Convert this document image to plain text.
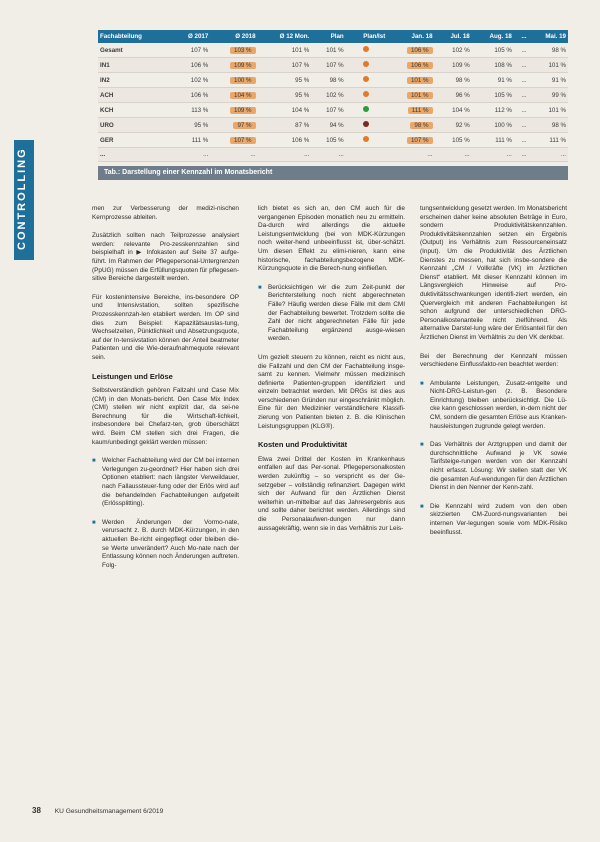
CONTROLLING
Fachabteilung	Ø 2017	Ø 2018	Ø 12 Mon.	Plan	Plan/Ist	Jan. 18	Jul. 18	Aug. 18	...	Mai. 19
Gesamt	107 %	103 %	101 %	101 %		106 %	102 %	105 %	...	98 %
IN1	106 %	109 %	107 %	107 %		106 %	109 %	108 %	...	101 %
IN2	102 %	100 %	95 %	98 %		101 %	98 %	91 %	...	91 %
ACH	106 %	104 %	95 %	102 %		101 %	96 %	105 %	...	99 %
KCH	113 %	109 %	104 %	107 %		111 %	104 %	112 %	...	101 %
URO	95 %	97 %	87 %	94 %		98 %	92 %	100 %	...	98 %
GER	111 %	107 %	106 %	105 %		107 %	105 %	111 %	...	111 %
...	...	...	...	...		...	...	...	...	...
Tab.: Darstellung einer Kennzahl im Monatsbericht

men zur Verbesserung der medizi-nischen Kernprozesse ableiten.

Zusätzlich sollten nach Teilprozesse analysiert werden: relevante Pro-zesskennzahlen sind beispielhaft in ▶ Infokasten auf Seite 37 aufge-führt. Im Rahmen der Pflegepersonal-Untergrenzen (PpUG) müssen die Erfüllungsquoten für pflegesen-sitive Bereiche dargestellt werden.

Für kostenintensive Bereiche, ins-besondere OP und Intensivstation, sollten spezifische Prozesskennzah-len etabliert werden. Im OP sind dies zum Beispiel: Kapazitätsauslas-tung, Wechselzeiten, Pünktlichkeit und Absetzungsquote, auf der In-tensivstation können der Anteil beatmeter Patienten und die Wie-deraufnahmequote relevant sein.

Leistungen und Erlöse

Selbstverständlich gehören Fallzahl und Case Mix (CM) in den Monats-bericht. Den Case Mix Index (CMI) stellen wir nicht explizit dar, da sei-ne Berechnung für die Wirtschaft-lichkeit, insbesondere bei Chefarz-ten, grob überschätzt wird. Beim CM stellen sich drei Fragen, die kaum/unbedingt geklärt werden müssen:

■ Welcher Fachabteilung wird der CM bei internen Verlegungen zu-geordnet? Hier haben sich drei Optionen etabliert: nach längster Verweildauer, nach Fallaussteuer-fung oder der Erlös wird auf die behandelnden Fachabteilungen aufgeteilt (Erlössplitting).

■ Werden Änderungen der Vormo-nate, verursacht z. B. durch MDK-Kürzungen, in den aktuellen Be-richt eingepflegt oder bleiben die-se Werte unverändert? Auch Mo-nate nach der Entlassung können noch Änderungen auftreten. Folg-

lich bietet es sich an, den CM auch für die vergangenen Episoden monatlich neu zu ermitteln. Da-durch wird allerdings die aktuelle Leistungsentwicklung (bei von MDK-Kürzungen noch weiter-hend unbeeinflusst ist, über-schätzt. Um diesen Effekt zu elimi-nieren, kann eine historische, fachabteilungsbezogene MDK-Kürzungsquote in die Berech-nung einfließen.

■ Berücksichtigen wir die zum Zeit-punkt der Berichterstellung noch nicht abgerechneten Fälle? Häufig werden diese Fälle mit dem CMI der Fachabteilung bewertet. Trotzdem sollte die Zahl der nicht abgerechneten Fälle für jede Fachabteilung ergänzend ausge-wiesen werden.

Um gezielt steuern zu können, reicht es nicht aus, die Fallzahl und den CM der Fachabteilung insge-samt zu kennen. Vielmehr müssen medizinisch definierte Patienten-gruppen identifiziert und einzeln betrachtet werden. Mit DRGs ist dies aus verschiedenen Gründen nur eingeschränkt möglich. Eine für den Medizinier verständlichere Klassifi-zierung von Patienten bieten z. B. die Klinischen Leistungsgruppen (KLG®).

Kosten und Produktivität

Etwa zwei Drittel der Kosten im Krankenhaus entfallen auf das Per-sonal. Pflegepersonalkosten werden zukünftig – so verspricht es der Ge-setzgeber – vollständig refinanziert. Dagegen wirkt sich der Aufwand für den Ärztlichen Dienst weiterhin un-mittelbar auf das Jahresergebnis aus und sollte daher berichtet werden. Allerdings sind die Personalaufwen-dungen nur dann aussagekräftig, wenn sie in das Verhältnis zur Leis-

tungsentwicklung gesetzt werden. Im Monatsbericht erscheinen daher keine absoluten Beträge in Euro, sondern Produktivitätskennzahlen. Produktivitätskennzahlen setzen ein Ergebnis (Output) ins Verhältnis zum Ressourceneinsatz (Input). Um die Produktivität des Ärztlichen Dienstes zu messen, hat sich insbe-sondere die Kennzahl „CM / Vollkräfte (VK) im Ärztlichen Dienst“ etabliert. Mit dieser Kennzahl können im Längsvergleich Hinweise auf Pro-duktivitätsschwankungen identifi-ziert werden, ein Quervergleich mit anderen Fachabteilungen ist schon aufgrund der unterschiedlichen DRG-Personalkostenanteile nicht zielführend. Als alternative Darstel-lung wäre der Erlösanteil für den Ärztlichen Dienst im Verhältnis zu den VK denkbar.

Bei der Berechnung der Kennzahl müssen verschiedene Einflussfakto-ren beachtet werden:

■ Ambulante Leistungen, Zusatz-entgelte und Nicht-DRG-Leistun-gen (z. B. Besondere Einrichtung) bleiben unberücksichtigt. Die Lü-cke kann geschlossen werden, in-dem nicht der CM, sondern die gesamten Erlöse aus Kranken-hausleistungen zugrunde gelegt werden.

■ Das Verhältnis der Arztgruppen und damit der durchschnittliche Aufwand je VK sowie Tarifsteige-rungen werden von der Kennzahl nicht erfasst. Lösung: Wir stellen statt der VK die gesamten Auf-wendungen für den Ärztlichen Dienst in den Nenner der Kenn-zahl.

■ Die Kennzahl wird zudem von den oben skizzierten CM-Zuord-nungsvarianten bei internen Ver-legungen sowie vom MDK-Risiko beeinflusst.

38 KU Gesundheitsmanagement 6/2019
